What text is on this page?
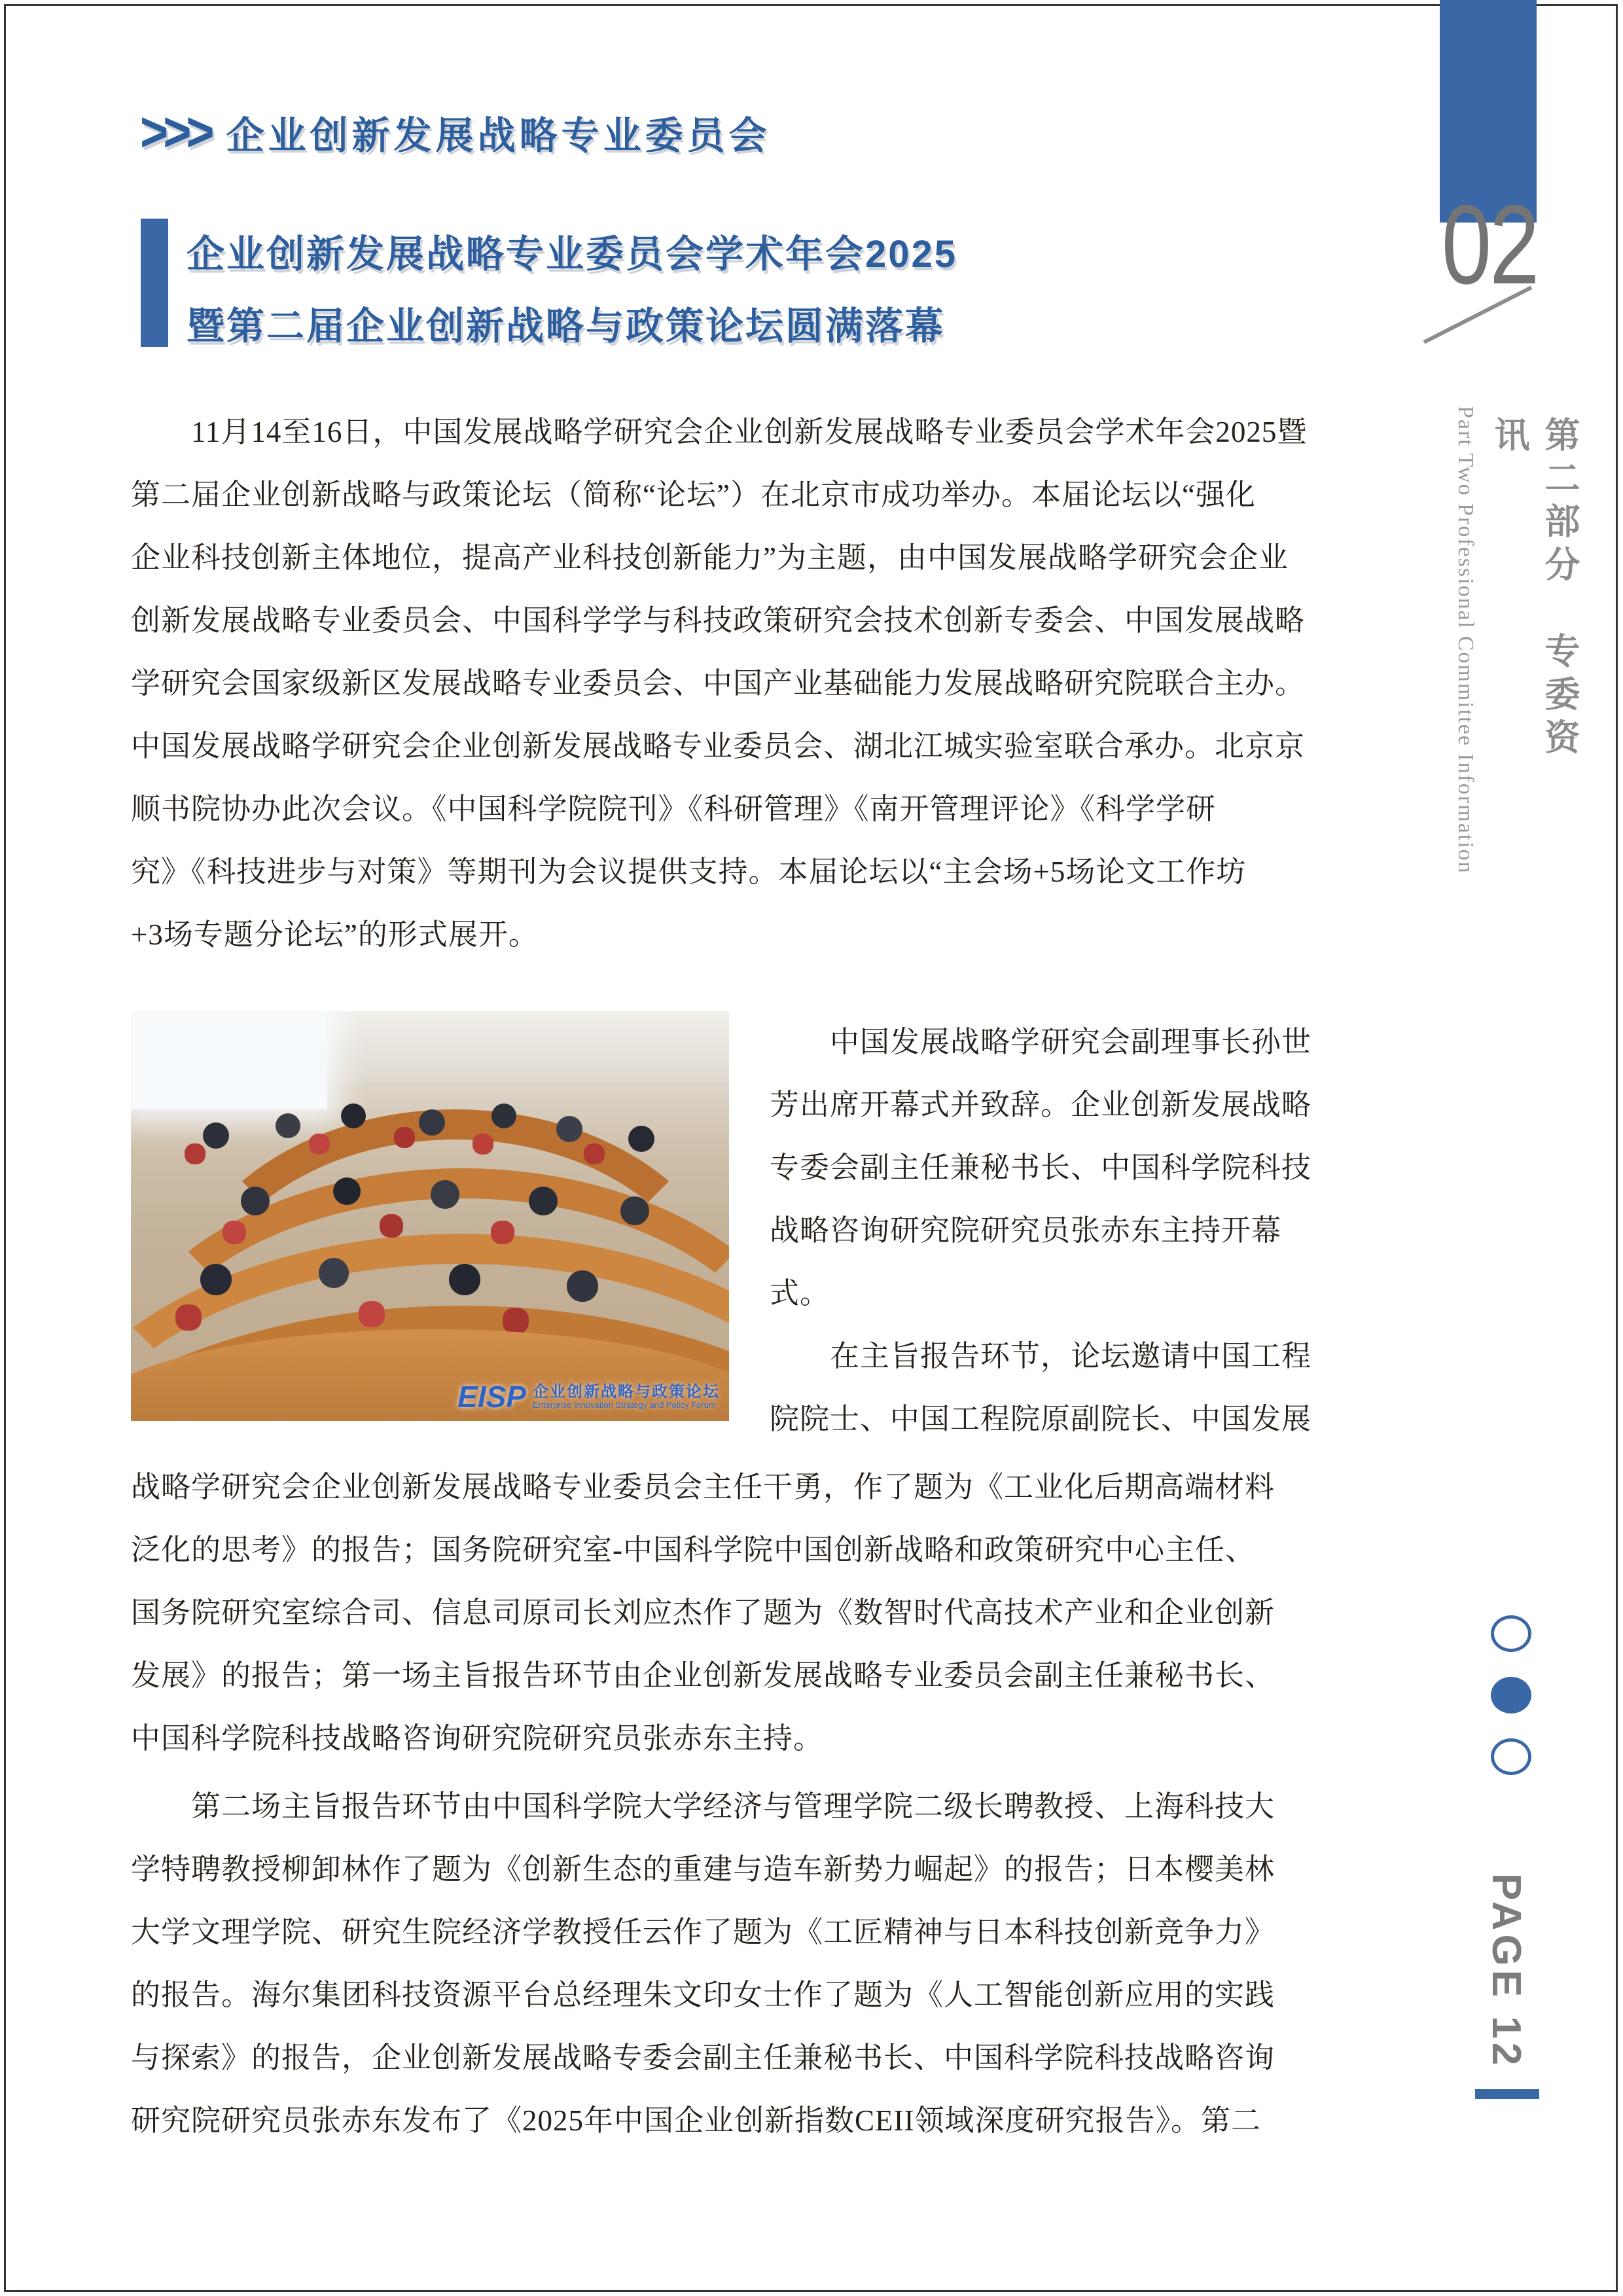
>>> 企业创新发展战略专业委员会
企业创新发展战略专业委员会学术年会2025
暨第二届企业创新战略与政策论坛圆满落幕
　　11月14至16日，中国发展战略学研究会企业创新发展战略专业委员会学术年会2025暨
第二届企业创新战略与政策论坛（简称“论坛”）在北京市成功举办。本届论坛以“强化
企业科技创新主体地位，提高产业科技创新能力”为主题，由中国发展战略学研究会企业
创新发展战略专业委员会、中国科学学与科技政策研究会技术创新专委会、中国发展战略
学研究会国家级新区发展战略专业委员会、中国产业基础能力发展战略研究院联合主办。
中国发展战略学研究会企业创新发展战略专业委员会、湖北江城实验室联合承办。北京京
顺书院协办此次会议。《中国科学院院刊》《科研管理》《南开管理评论》《科学学研
究》《科技进步与对策》等期刊为会议提供支持。本届论坛以“主会场+5场论文工作坊
+3场专题分论坛”的形式展开。
EISP 企业创新战略与政策论坛
Enterprise Innovation Strategy and Policy Forum
　　中国发展战略学研究会副理事长孙世
芳出席开幕式并致辞。企业创新发展战略
专委会副主任兼秘书长、中国科学院科技
战略咨询研究院研究员张赤东主持开幕
式。
　　在主旨报告环节，论坛邀请中国工程
院院士、中国工程院原副院长、中国发展
战略学研究会企业创新发展战略专业委员会主任干勇，作了题为《工业化后期高端材料
泛化的思考》的报告；国务院研究室-中国科学院中国创新战略和政策研究中心主任、
国务院研究室综合司、信息司原司长刘应杰作了题为《数智时代高技术产业和企业创新
发展》的报告；第一场主旨报告环节由企业创新发展战略专业委员会副主任兼秘书长、
中国科学院科技战略咨询研究院研究员张赤东主持。
　　第二场主旨报告环节由中国科学院大学经济与管理学院二级长聘教授、上海科技大
学特聘教授柳卸林作了题为《创新生态的重建与造车新势力崛起》的报告；日本樱美林
大学文理学院、研究生院经济学教授任云作了题为《工匠精神与日本科技创新竞争力》
的报告。海尔集团科技资源平台总经理朱文印女士作了题为《人工智能创新应用的实践
与探索》的报告，企业创新发展战略专委会副主任兼秘书长、中国科学院科技战略咨询
研究院研究员张赤东发布了《2025年中国企业创新指数CEII领域深度研究报告》。第二
02
第二部分　专委资讯
Part Two Professional Committee Information
PAGE 12
